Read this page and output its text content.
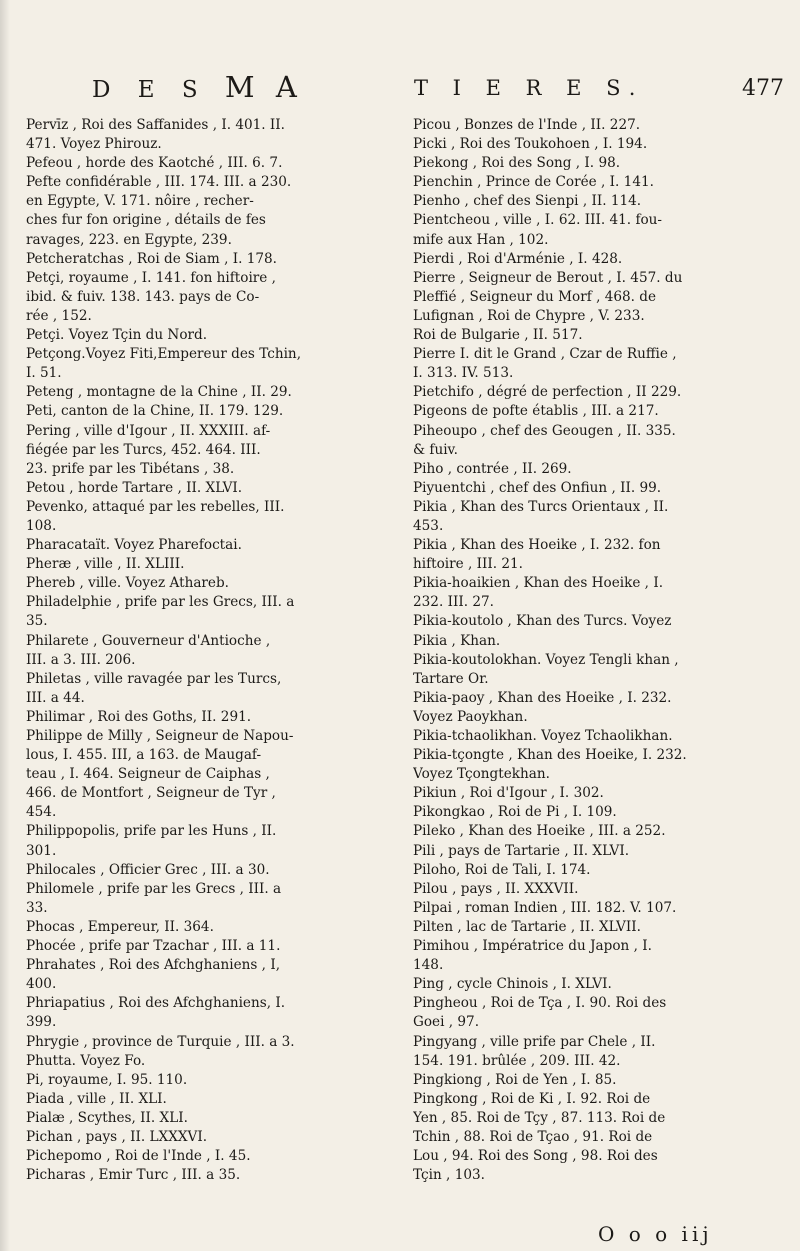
D E S M A	T I E R E S.	477
Pervīz , Roi des Saffanides , I. 401. II.
471. Voyez Phirouz.
Pefeou , horde des Kaotché , III. 6. 7.
Pefte confidérable , III. 174. III. a 230.
en Egypte, V. 171. nôire , recher-
ches fur fon origine , détails de fes
ravages, 223. en Egypte, 239.
Petcheratchas , Roi de Siam , I. 178.
Petçi, royaume , I. 141. fon hiftoire ,
ibid. & fuiv. 138. 143. pays de Co-
rée , 152.
Petçi. Voyez Tçin du Nord.
Petçong.Voyez Fiti,Empereur des Tchin,
I. 51.
Peteng , montagne de la Chine , II. 29.
Peti, canton de la Chine, II. 179. 129.
Pering , ville d'Igour , II. XXXIII. af-
fiégée par les Turcs, 452. 464. III.
23. prife par les Tibétans , 38.
Petou , horde Tartare , II. XLVI.
Pevenko, attaqué par les rebelles, III.
108.
Pharacataït. Voyez Pharefoctai.
Pheræ , ville , II. XLIII.
Phereb , ville. Voyez Athareb.
Philadelphie , prife par les Grecs, III. a
35.
Philarete , Gouverneur d'Antioche ,
III. a 3. III. 206.
Philetas , ville ravagée par les Turcs,
III. a 44.
Philimar , Roi des Goths, II. 291.
Philippe de Milly , Seigneur de Napou-
lous, I. 455. III, a 163. de Maugaf-
teau , I. 464. Seigneur de Caiphas ,
466. de Montfort , Seigneur de Tyr ,
454.
Philippopolis, prife par les Huns , II.
301.
Philocales , Officier Grec , III. a 30.
Philomele , prife par les Grecs , III. a
33.
Phocas , Empereur, II. 364.
Phocée , prife par Tzachar , III. a 11.
Phrahates , Roi des Afchghaniens , I,
400.
Phriapatius , Roi des Afchghaniens, I.
399.
Phrygie , province de Turquie , III. a 3.
Phutta. Voyez Fo.
Pi, royaume, I. 95. 110.
Piada , ville , II. XLI.
Pialæ , Scythes, II. XLI.
Pichan , pays , II. LXXXVI.
Pichepomo , Roi de l'Inde , I. 45.
Picharas , Emir Turc , III. a 35.
Picou , Bonzes de l'Inde , II. 227.
Picki , Roi des Toukohoen , I. 194.
Piekong , Roi des Song , I. 98.
Pienchin , Prince de Corée , I. 141.
Pienho , chef des Sienpi , II. 114.
Pientcheou , ville , I. 62. III. 41. fou-
mife aux Han , 102.
Pierdi , Roi d'Arménie , I. 428.
Pierre , Seigneur de Berout , I. 457. du
Pleffié , Seigneur du Morf , 468. de
Lufignan , Roi de Chypre , V. 233.
Roi de Bulgarie , II. 517.
Pierre I. dit le Grand , Czar de Ruffie ,
I. 313. IV. 513.
Pietchifo , dégré de perfection , II 229.
Pigeons de pofte établis , III. a 217.
Piheoupo , chef des Geougen , II. 335.
& fuiv.
Piho , contrée , II. 269.
Piyuentchi , chef des Onfiun , II. 99.
Pikia , Khan des Turcs Orientaux , II.
453.
Pikia , Khan des Hoeike , I. 232. fon
hiftoire , III. 21.
Pikia-hoaikien , Khan des Hoeike , I.
232. III. 27.
Pikia-koutolo , Khan des Turcs. Voyez
Pikia , Khan.
Pikia-koutolokhan. Voyez Tengli khan ,
Tartare Or.
Pikia-paoy , Khan des Hoeike , I. 232.
Voyez Paoykhan.
Pikia-tchaolikhan. Voyez Tchaolikhan.
Pikia-tçongte , Khan des Hoeike, I. 232.
Voyez Tçongtekhan.
Pikiun , Roi d'Igour , I. 302.
Pikongkao , Roi de Pi , I. 109.
Pileko , Khan des Hoeike , III. a 252.
Pili , pays de Tartarie , II. XLVI.
Piloho, Roi de Tali, I. 174.
Pilou , pays , II. XXXVII.
Pilpai , roman Indien , III. 182. V. 107.
Pilten , lac de Tartarie , II. XLVII.
Pimihou , Impératrice du Japon , I.
148.
Ping , cycle Chinois , I. XLVI.
Pingheou , Roi de Tça , I. 90. Roi des
Goei , 97.
Pingyang , ville prife par Chele , II.
154. 191. brûlée , 209. III. 42.
Pingkiong , Roi de Yen , I. 85.
Pingkong , Roi de Ki , I. 92. Roi de
Yen , 85. Roi de Tçy , 87. 113. Roi de
Tchin , 88. Roi de Tçao , 91. Roi de
Lou , 94. Roi des Song , 98. Roi des
Tçin , 103.
O o o iij
